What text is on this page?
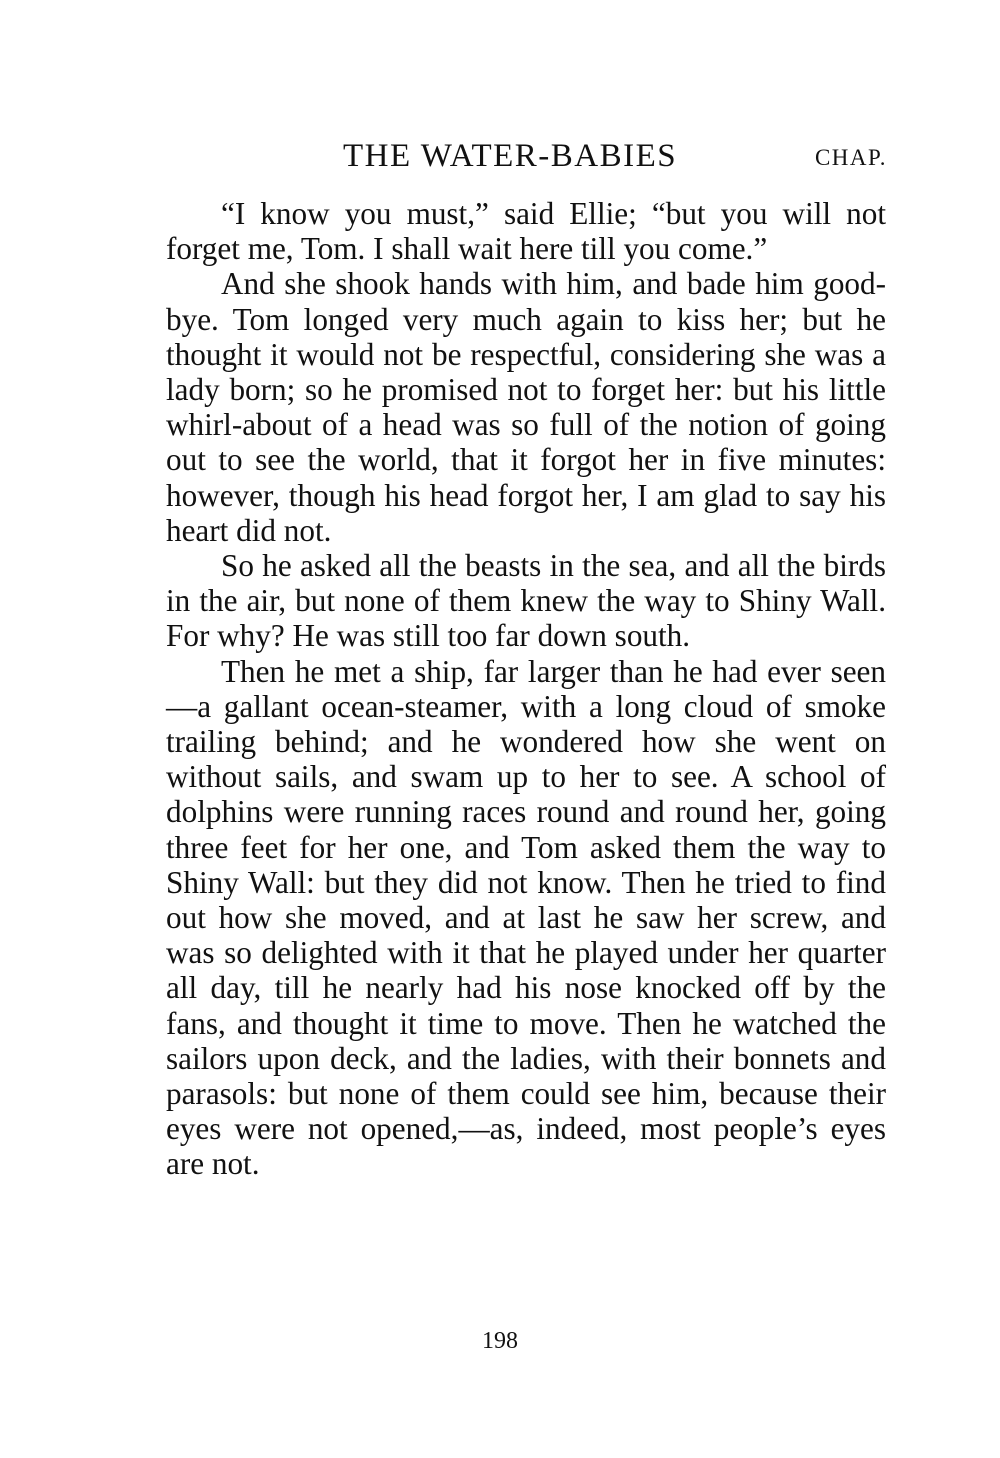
THE WATER-BABIES	CHAP.

“I know you must,” said Ellie; “but you will not forget me, Tom. I shall wait here till you come.”

And she shook hands with him, and bade him good-bye. Tom longed very much again to kiss her; but he thought it would not be respectful, considering she was a lady born; so he promised not to forget her: but his little whirl-about of a head was so full of the notion of going out to see the world, that it forgot her in five minutes: however, though his head forgot her, I am glad to say his heart did not.

So he asked all the beasts in the sea, and all the birds in the air, but none of them knew the way to Shiny Wall. For why? He was still too far down south.

Then he met a ship, far larger than he had ever seen—a gallant ocean-steamer, with a long cloud of smoke trailing behind; and he wondered how she went on without sails, and swam up to her to see. A school of dolphins were running races round and round her, going three feet for her one, and Tom asked them the way to Shiny Wall: but they did not know. Then he tried to find out how she moved, and at last he saw her screw, and was so delighted with it that he played under her quarter all day, till he nearly had his nose knocked off by the fans, and thought it time to move. Then he watched the sailors upon deck, and the ladies, with their bonnets and parasols: but none of them could see him, because their eyes were not opened,—as, indeed, most people’s eyes are not.

198
